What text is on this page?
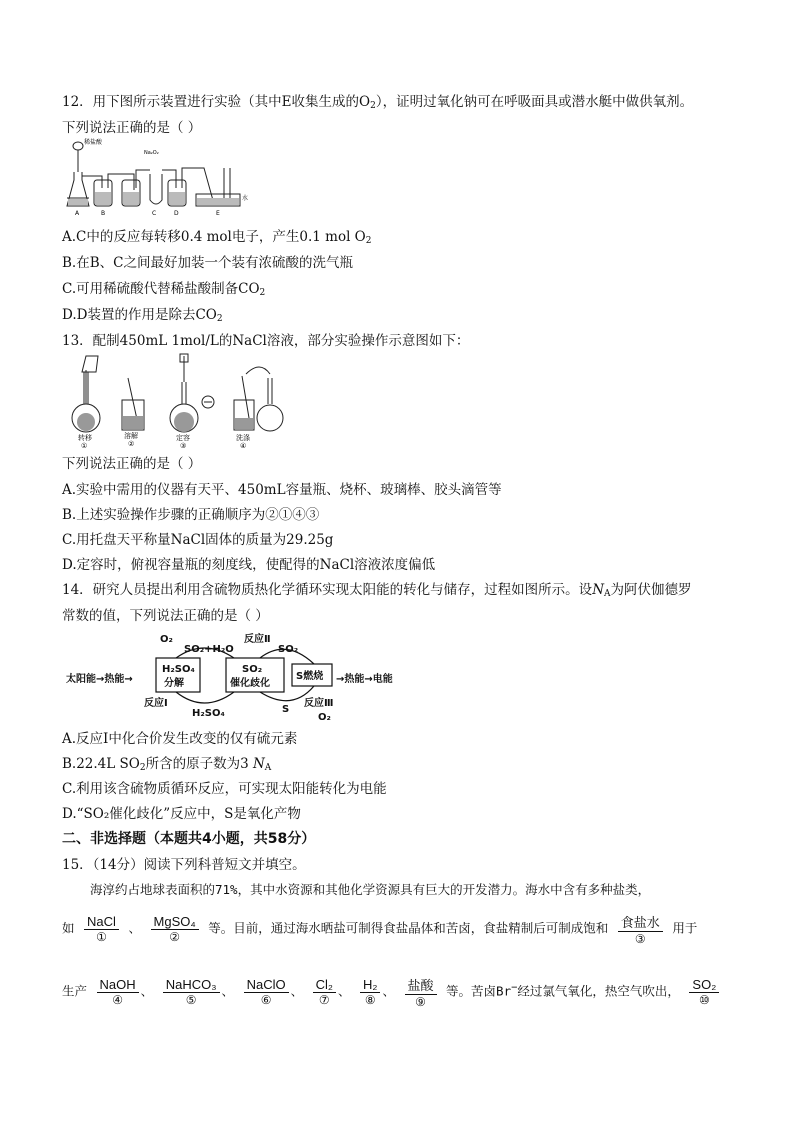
12．用下图所示装置进行实验（其中E收集生成的$O_2$），证明过氧化钠可在呼吸面具或潜水艇中做供氧剂。
下列说法正确的是（ ）
稀盐酸
Na₂O₂
A	B	C	D	E
水
A.C中的反应每转移0.4 mol电子，产生0.1 mol $O_2$
B.在B、C之间最好加装一个装有浓硫酸的洗气瓶
C.可用稀硫酸代替稀盐酸制备$CO_2$
D.D装置的作用是除去$CO_2$
13．配制450mL 1mol/L的NaCl溶液，部分实验操作示意图如下：
转移	溶解	定容	洗涤
①	②	③	④
下列说法正确的是（ ）
A.实验中需用的仪器有天平、450mL容量瓶、烧杯、玻璃棒、胶头滴管等
B.上述实验操作步骤的正确顺序为②①④③
C.用托盘天平称量NaCl固体的质量为29.25g
D.定容时，俯视容量瓶的刻度线，使配得的NaCl溶液浓度偏低
14．研究人员提出利用含硫物质热化学循环实现太阳能的转化与储存，过程如图所示。设$N_A$为阿伏伽德罗
常数的值，下列说法正确的是（ ）
太阳能→热能→
H₂SO₄
分解
SO₂
催化歧化
S燃烧 →热能→电能
O₂
SO₂+H₂O
反应Ⅱ
SO₂
反应Ⅰ
H₂SO₄	S
反应Ⅲ
O₂
A.反应Ⅰ中化合价发生改变的仅有硫元素
B.22.4L $SO_2$所含的原子数为3 $N_A$
C.利用该含硫物质循环反应，可实现太阳能转化为电能
D.“SO₂催化歧化”反应中，S是氧化产物
二、非选择题（本题共4小题，共58分）
15．（14分）阅读下列科普短文并填空。
海淳约占地球表面积的71%，其中水资源和其他化学资源具有巨大的开发潜力。海水中含有多种盐类，
如 $\frac{\text{NaCl}}{\text{①}}$ 、 $\frac{\text{MgSO₄}}{\text{②}}$ 等。目前，通过海水晒盐可制得食盐晶体和苦卤，食盐精制后可制成饱和 $\frac{\text{食盐水}}{\text{③}}$ 用于
生产 $\frac{\text{NaOH}}{\text{④}}$ 、 $\frac{\text{NaHCO₃}}{\text{⑤}}$ 、 $\frac{\text{NaClO}}{\text{⑥}}$ 、 $\frac{\text{Cl₂}}{\text{⑦}}$ 、 $\frac{\text{H₂}}{\text{⑧}}$ 、 $\frac{\text{盐酸}}{\text{⑨}}$ 等。苦卤Br−经过氯气氧化，热空气吹出， $\frac{\text{SO₂}}{\text{⑩}}$
